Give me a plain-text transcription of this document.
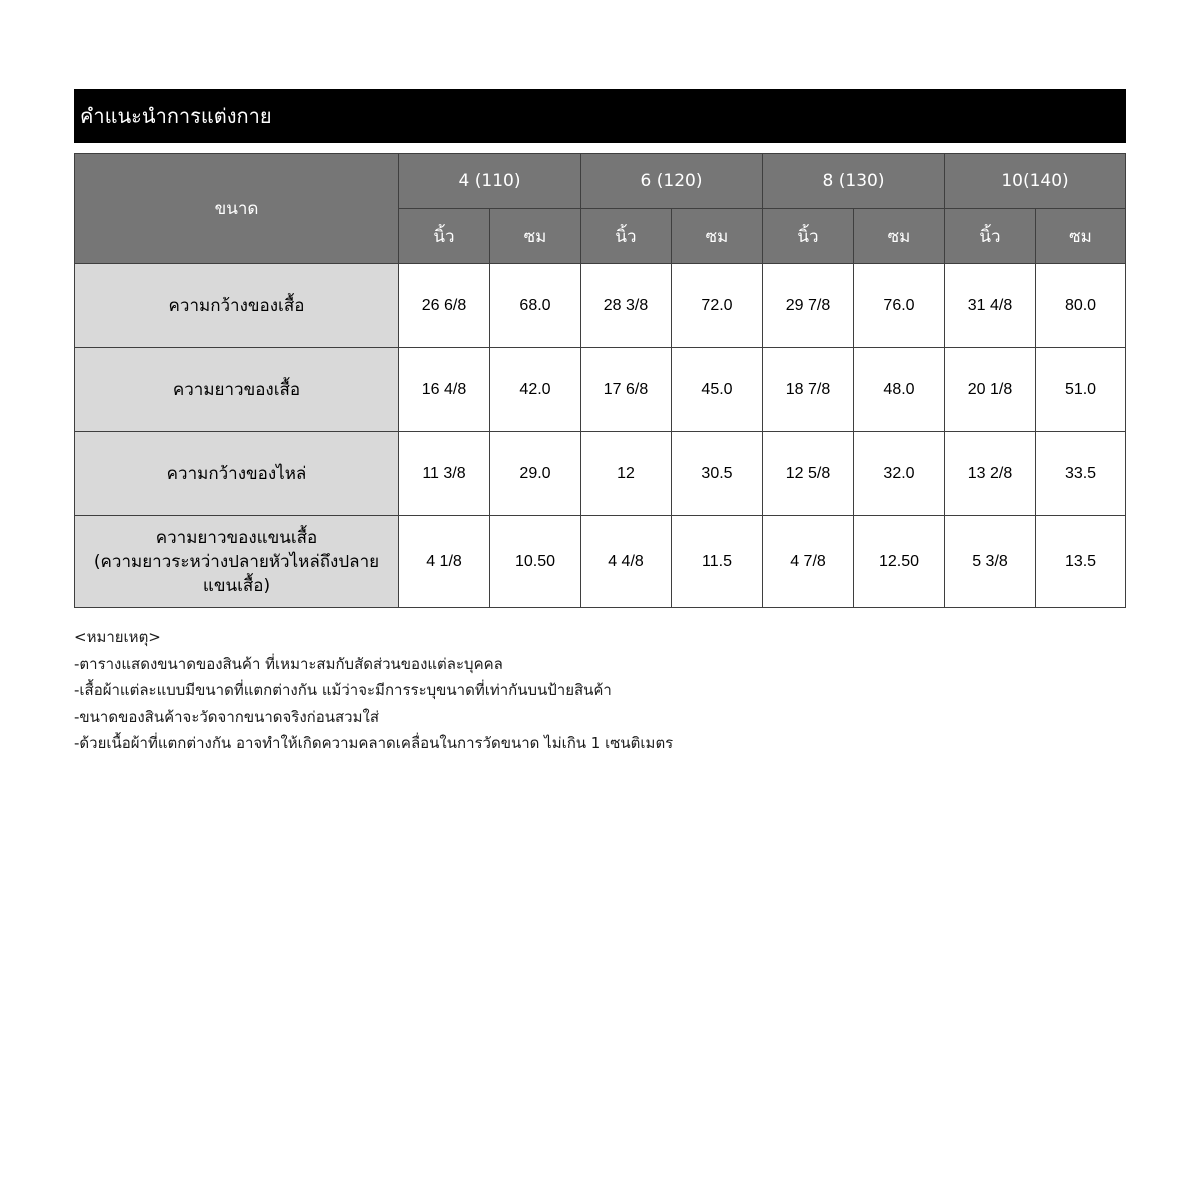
คำแนะนำการแต่งกาย
ขนาด	4 (110)		6 (120)		8 (130)		10(140)	
	นิ้ว	ซม	นิ้ว	ซม	นิ้ว	ซม	นิ้ว	ซม
ความกว้างของเสื้อ	26 6/8	68.0	28 3/8	72.0	29 7/8	76.0	31 4/8	80.0
ความยาวของเสื้อ	16 4/8	42.0	17 6/8	45.0	18 7/8	48.0	20 1/8	51.0
ความกว้างของไหล่	11 3/8	29.0	12	30.5	12 5/8	32.0	13 2/8	33.5

ความยาวของแขนเสื้อ
(ความยาวระหว่างปลายหัวไหล่ถึงปลาย
แขนเสื้อ)	4 1/8	10.50	4 4/8	11.5	4 7/8	12.50	5 3/8	13.5
<หมายเหตุ>
-ตารางแสดงขนาดของสินค้า ที่เหมาะสมกับสัดส่วนของแต่ละบุคคล
-เสื้อผ้าแต่ละแบบมีขนาดที่แตกต่างกัน แม้ว่าจะมีการระบุขนาดที่เท่ากันบนป้ายสินค้า
-ขนาดของสินค้าจะวัดจากขนาดจริงก่อนสวมใส่
-ด้วยเนื้อผ้าที่แตกต่างกัน อาจทำให้เกิดความคลาดเคลื่อนในการวัดขนาด ไม่เกิน 1 เซนติเมตร
